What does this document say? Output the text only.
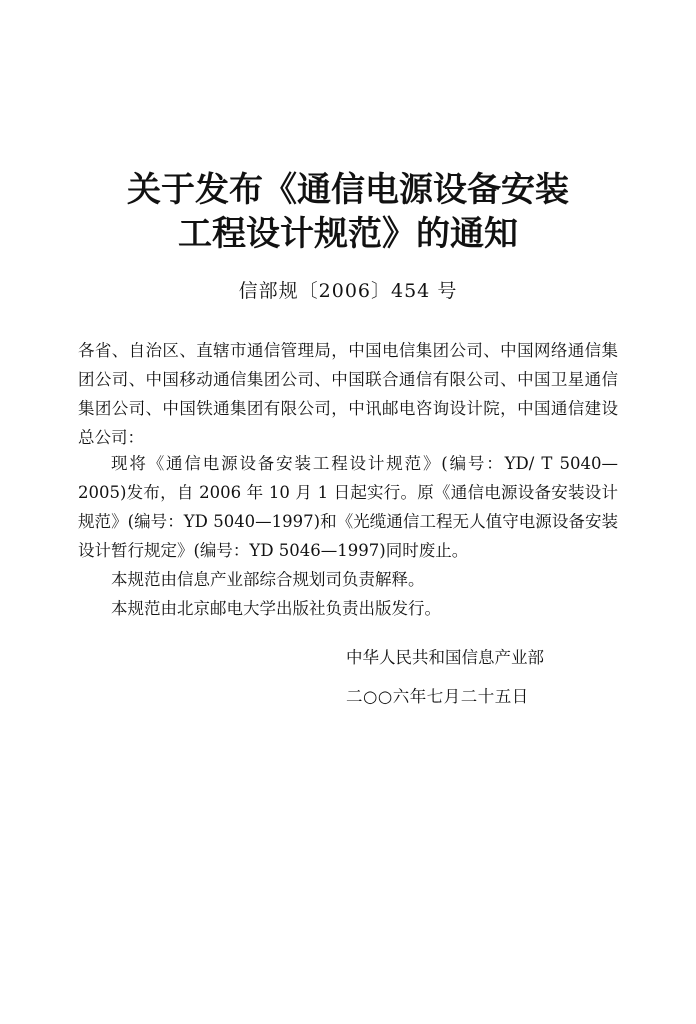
关于发布《通信电源设备安装
工程设计规范》的通知
信部规〔2006〕454 号
各省、自治区、直辖市通信管理局，中国电信集团公司、中国网络通信集团公司、中国移动通信集团公司、中国联合通信有限公司、中国卫星通信集团公司、中国铁通集团有限公司，中讯邮电咨询设计院，中国通信建设总公司：

现将《通信电源设备安装工程设计规范》(编号：YD/ T 5040—2005)发布，自 2006 年 10 月 1 日起实行。原《通信电源设备安装设计规范》(编号：YD 5040—1997)和《光缆通信工程无人值守电源设备安装设计暂行规定》(编号：YD 5046—1997)同时废止。

本规范由信息产业部综合规划司负责解释。

本规范由北京邮电大学出版社负责出版发行。

中华人民共和国信息产业部
二○○六年七月二十五日
